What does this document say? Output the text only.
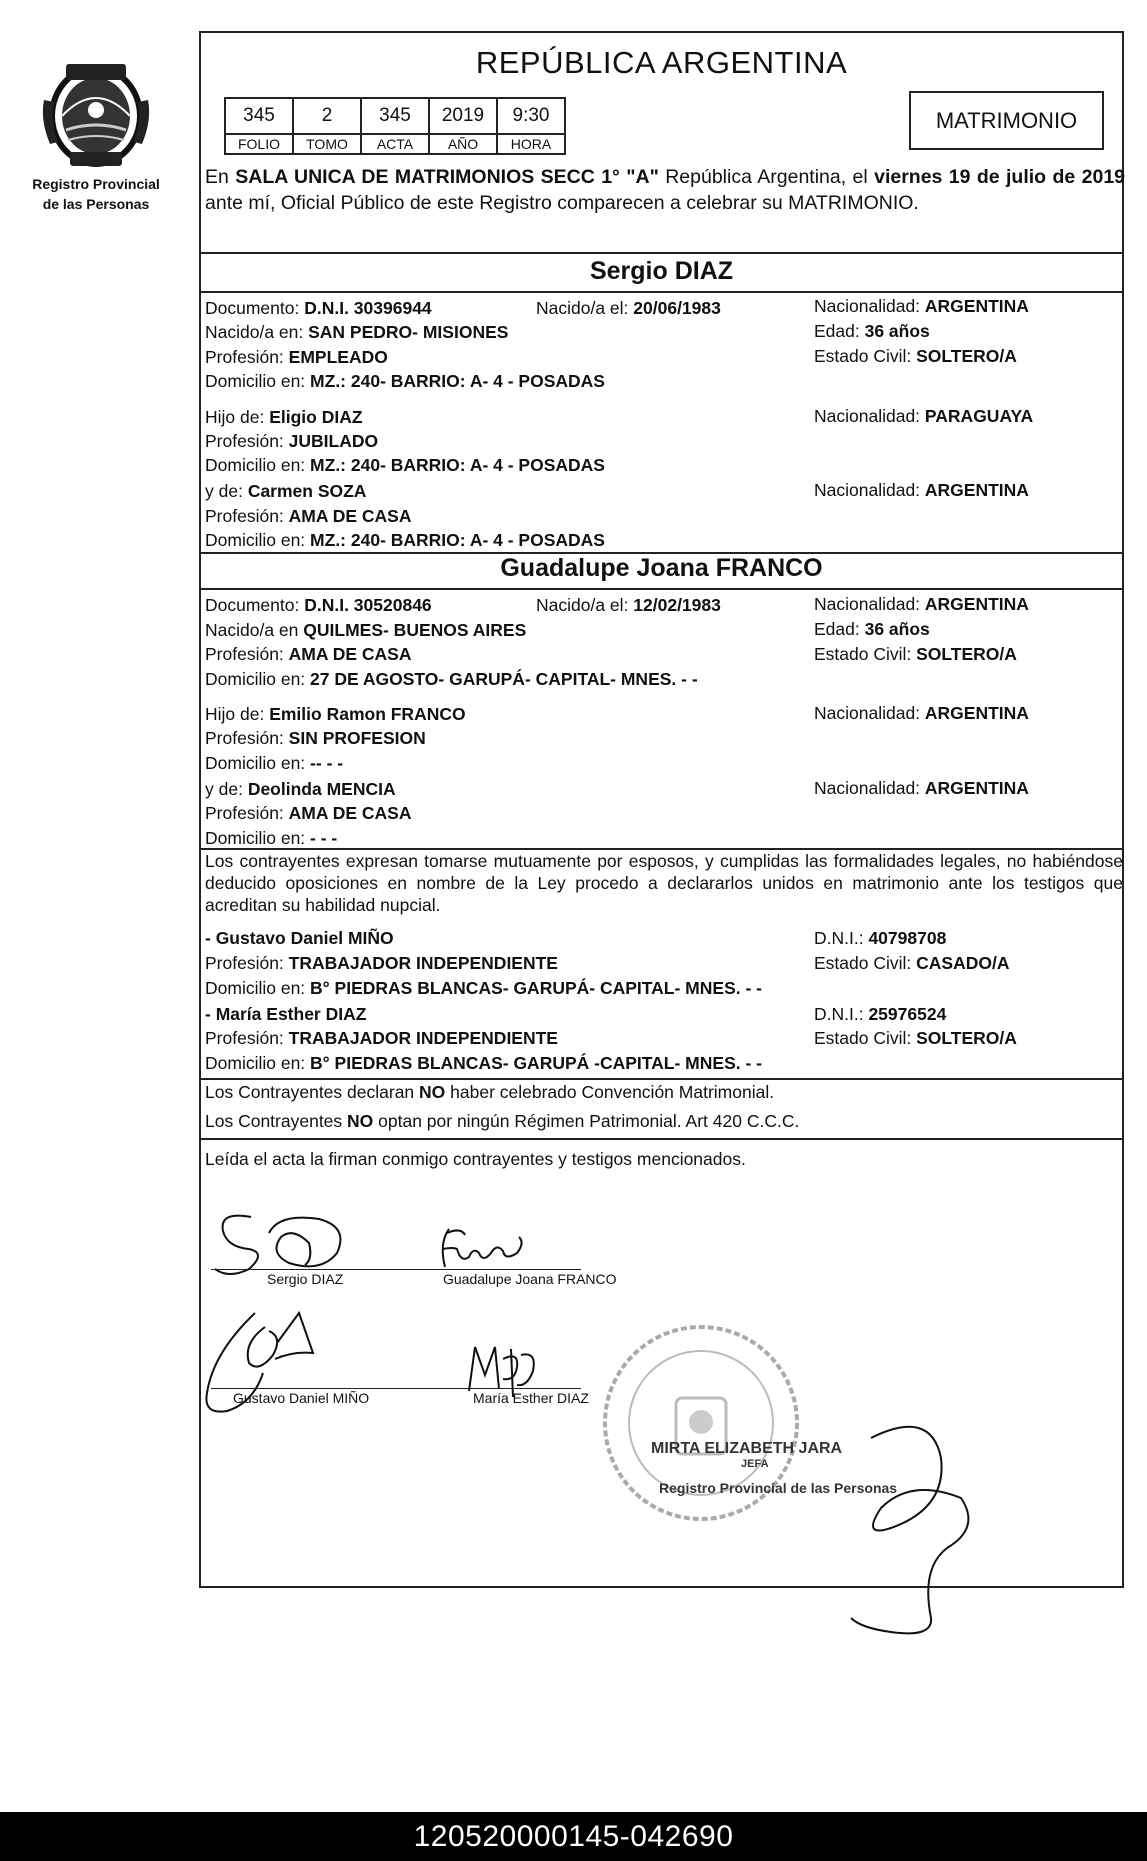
Registro Provincial
de las Personas
REPÚBLICA ARGENTINA
345	2	345	2019	9:30
FOLIO	TOMO	ACTA	AÑO	HORA
MATRIMONIO
En SALA UNICA DE MATRIMONIOS SECC 1° "A" República Argentina, el viernes 19 de julio de 2019 ante mí, Oficial Público de este Registro comparecen a celebrar su MATRIMONIO.
Sergio DIAZ
Documento: D.N.I. 30396944	Nacido/a el: 20/06/1983	Nacionalidad: ARGENTINA
Nacido/a en: SAN PEDRO- MISIONES	Edad: 36 años
Profesión: EMPLEADO	Estado Civil: SOLTERO/A
Domicilio en: MZ.: 240- BARRIO: A- 4 - POSADAS
Hijo de: Eligio DIAZ	Nacionalidad: PARAGUAYA
Profesión: JUBILADO
Domicilio en: MZ.: 240- BARRIO: A- 4 - POSADAS
y de: Carmen SOZA	Nacionalidad: ARGENTINA
Profesión: AMA DE CASA
Domicilio en: MZ.: 240- BARRIO: A- 4 - POSADAS
Guadalupe Joana FRANCO
Documento: D.N.I. 30520846	Nacido/a el: 12/02/1983	Nacionalidad: ARGENTINA
Nacido/a en QUILMES- BUENOS AIRES	Edad: 36 años
Profesión: AMA DE CASA	Estado Civil: SOLTERO/A
Domicilio en: 27 DE AGOSTO- GARUPÁ- CAPITAL- MNES. - -
Hijo de: Emilio Ramon FRANCO	Nacionalidad: ARGENTINA
Profesión: SIN PROFESION
Domicilio en: -- - -
y de: Deolinda MENCIA	Nacionalidad: ARGENTINA
Profesión: AMA DE CASA
Domicilio en: - - -
Los contrayentes expresan tomarse mutuamente por esposos, y cumplidas las formalidades legales, no habiéndose deducido oposiciones en nombre de la Ley procedo a declararlos unidos en matrimonio ante los testigos que acreditan su habilidad nupcial.
- Gustavo Daniel MIÑO	D.N.I.: 40798708
Profesión: TRABAJADOR INDEPENDIENTE	Estado Civil: CASADO/A
Domicilio en: B° PIEDRAS BLANCAS- GARUPÁ- CAPITAL- MNES. - -
- María Esther DIAZ	D.N.I.: 25976524
Profesión: TRABAJADOR INDEPENDIENTE	Estado Civil: SOLTERO/A
Domicilio en: B° PIEDRAS BLANCAS- GARUPÁ -CAPITAL- MNES. - -
Los Contrayentes declaran NO haber celebrado Convención Matrimonial.
Los Contrayentes NO optan por ningún Régimen Patrimonial. Art 420 C.C.C.
Leída el acta la firman conmigo contrayentes y testigos mencionados.
Sergio DIAZ	Guadalupe Joana FRANCO
Gustavo Daniel MIÑO	María Esther DIAZ
MIRTA ELIZABETH JARA
JEFA
Registro Provincial de las Personas
120520000145-042690
